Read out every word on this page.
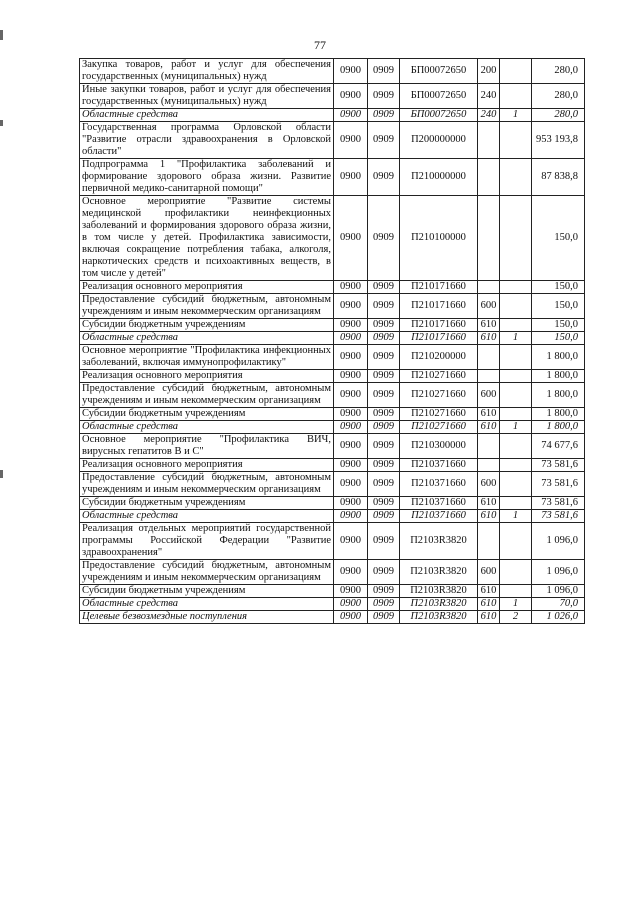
77
Закупка товаров, работ и услуг для обеспечения государственных (муниципальных) нужд	0900	0909	БП00072650	200		280,0
Иные закупки товаров, работ и услуг для обеспечения государственных (муниципальных) нужд	0900	0909	БП00072650	240		280,0
Областные средства	0900	0909	БП00072650	240	1	280,0
Государственная программа Орловской области "Развитие отрасли здравоохранения в Орловской области"	0900	0909	П200000000			953 193,8
Подпрограмма 1 "Профилактика заболеваний и формирование здорового образа жизни. Развитие первичной медико-санитарной помощи"	0900	0909	П210000000			87 838,8
Основное мероприятие "Развитие системы медицинской профилактики неинфекционных заболеваний и формирования здорового образа жизни, в том числе у детей. Профилактика зависимости, включая сокращение потребления табака, алкоголя, наркотических средств и психоактивных веществ, в том числе у детей"	0900	0909	П210100000			150,0
Реализация основного мероприятия	0900	0909	П210171660			150,0
Предоставление субсидий бюджетным, автономным учреждениям и иным некоммерческим организациям	0900	0909	П210171660	600		150,0
Субсидии бюджетным учреждениям	0900	0909	П210171660	610		150,0
Областные средства	0900	0909	П210171660	610	1	150,0
Основное мероприятие "Профилактика инфекционных заболеваний, включая иммунопрофилактику"	0900	0909	П210200000			1 800,0
Реализация основного мероприятия	0900	0909	П210271660			1 800,0
Предоставление субсидий бюджетным, автономным учреждениям и иным некоммерческим организациям	0900	0909	П210271660	600		1 800,0
Субсидии бюджетным учреждениям	0900	0909	П210271660	610		1 800,0
Областные средства	0900	0909	П210271660	610	1	1 800,0
Основное мероприятие "Профилактика ВИЧ, вирусных гепатитов В и С"	0900	0909	П210300000			74 677,6
Реализация основного мероприятия	0900	0909	П210371660			73 581,6
Предоставление субсидий бюджетным, автономным учреждениям и иным некоммерческим организациям	0900	0909	П210371660	600		73 581,6
Субсидии бюджетным учреждениям	0900	0909	П210371660	610		73 581,6
Областные средства	0900	0909	П210371660	610	1	73 581,6
Реализация отдельных мероприятий государственной программы Российской Федерации "Развитие здравоохранения"	0900	0909	П2103R3820			1 096,0
Предоставление субсидий бюджетным, автономным учреждениям и иным некоммерческим организациям	0900	0909	П2103R3820	600		1 096,0
Субсидии бюджетным учреждениям	0900	0909	П2103R3820	610		1 096,0
Областные средства	0900	0909	П2103R3820	610	1	70,0
Целевые безвозмездные поступления	0900	0909	П2103R3820	610	2	1 026,0
